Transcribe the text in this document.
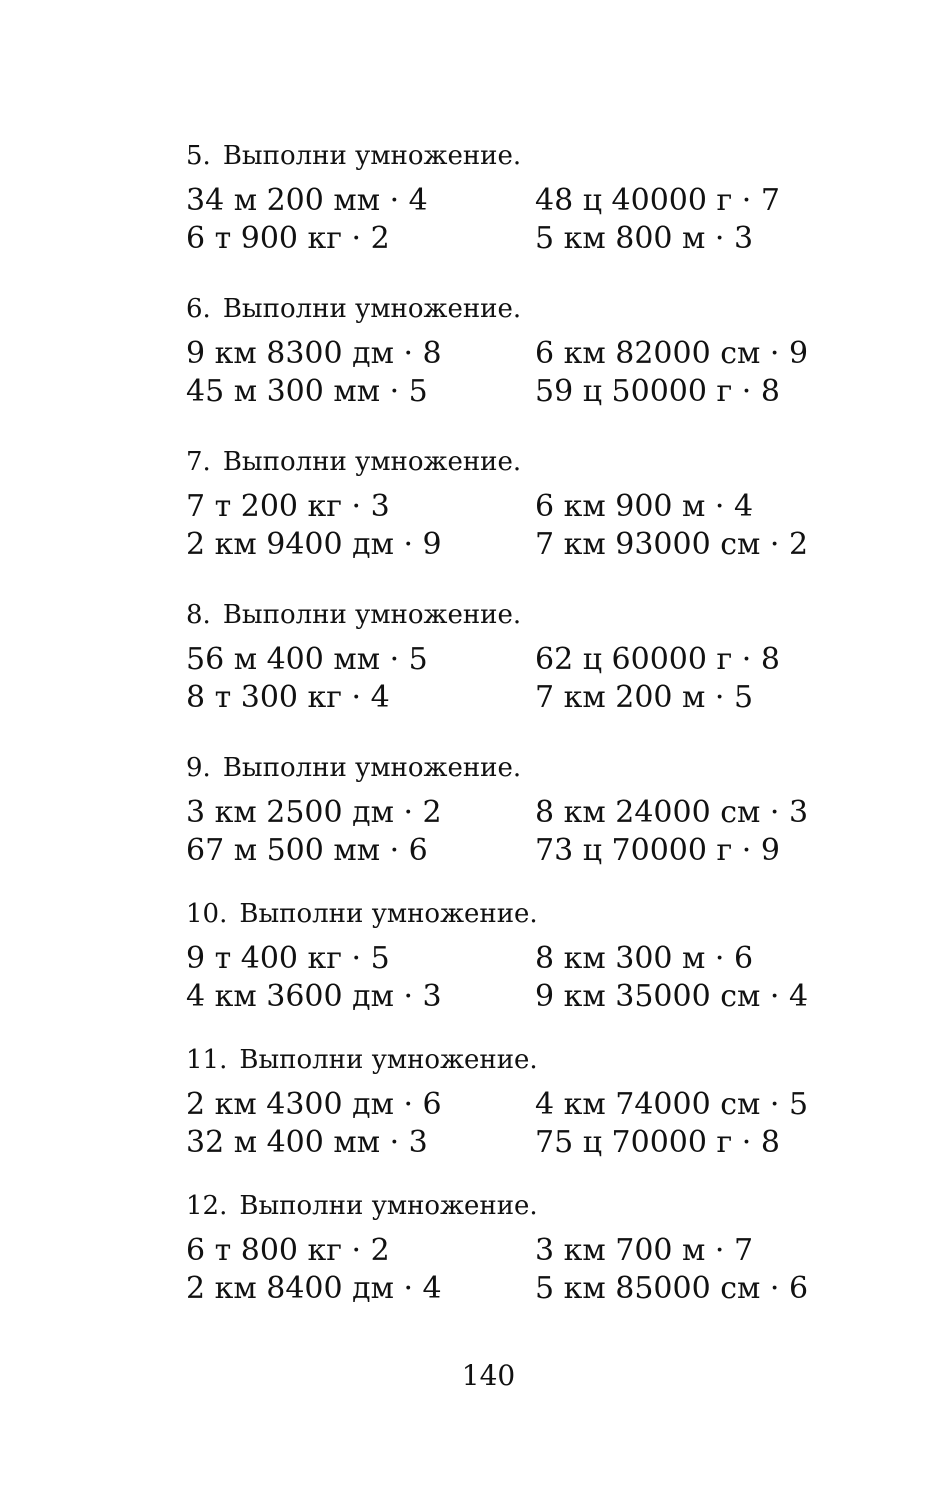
5. Выполни умножение.
34 м 200 мм · 4	48 ц 40000 г · 7
6 т 900 кг · 2	5 км 800 м · 3
6. Выполни умножение.
9 км 8300 дм · 8	6 км 82000 см · 9
45 м 300 мм · 5	59 ц 50000 г · 8
7. Выполни умножение.
7 т 200 кг · 3	6 км 900 м · 4
2 км 9400 дм · 9	7 км 93000 см · 2
8. Выполни умножение.
56 м 400 мм · 5	62 ц 60000 г · 8
8 т 300 кг · 4	7 км 200 м · 5
9. Выполни умножение.
3 км 2500 дм · 2	8 км 24000 см · 3
67 м 500 мм · 6	73 ц 70000 г · 9
10. Выполни умножение.
9 т 400 кг · 5	8 км 300 м · 6
4 км 3600 дм · 3	9 км 35000 см · 4
11. Выполни умножение.
2 км 4300 дм · 6	4 км 74000 см · 5
32 м 400 мм · 3	75 ц 70000 г · 8
12. Выполни умножение.
6 т 800 кг · 2	3 км 700 м · 7
2 км 8400 дм · 4	5 км 85000 см · 6
140
